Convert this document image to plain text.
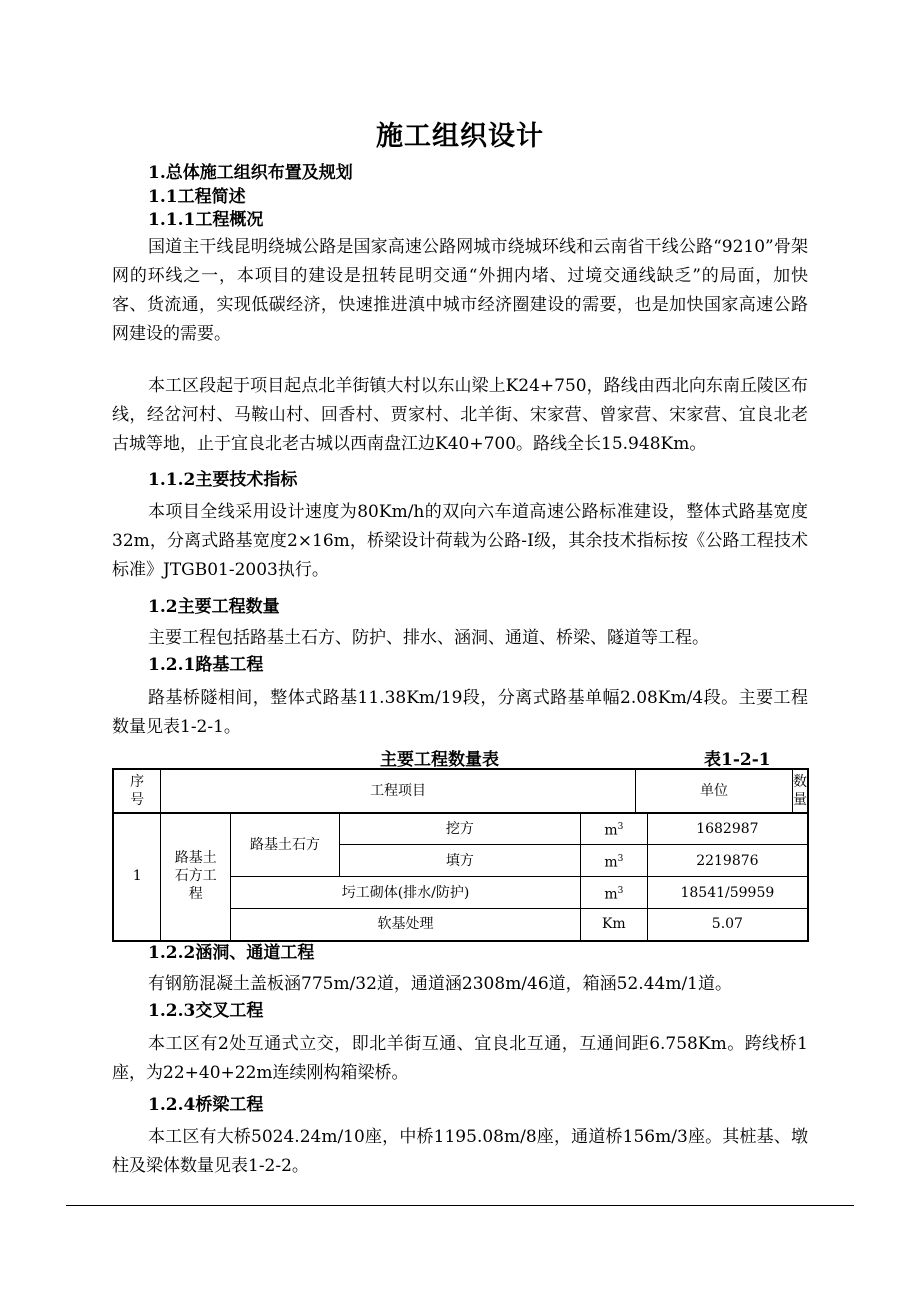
施工组织设计
1.总体施工组织布置及规划
1.1工程简述
1.1.1工程概况
国道主干线昆明绕城公路是国家高速公路网城市绕城环线和云南省干线公路“9210”骨架网的环线之一，本项目的建设是扭转昆明交通“外拥内堵、过境交通线缺乏”的局面，加快客、货流通，实现低碳经济，快速推进滇中城市经济圈建设的需要，也是加快国家高速公路网建设的需要。
本工区段起于项目起点北羊街镇大村以东山梁上K24+750，路线由西北向东南丘陵区布线，经岔河村、马鞍山村、回香村、贾家村、北羊街、宋家营、曾家营、宋家营、宜良北老古城等地，止于宜良北老古城以西南盘江边K40+700。路线全长15.948Km。
1.1.2主要技术指标
本项目全线采用设计速度为80Km/h的双向六车道高速公路标准建设，整体式路基宽度32m，分离式路基宽度2×16m，桥梁设计荷载为公路-Ⅰ级，其余技术指标按《公路工程技术标准》JTGB01-2003执行。
1.2主要工程数量
主要工程包括路基土石方、防护、排水、涵洞、通道、桥梁、隧道等工程。
1.2.1路基工程
路基桥隧相间，整体式路基11.38Km/19段，分离式路基单幅2.08Km/4段。主要工程数量见表1-2-1。
主要工程数量表	表1-2-1
序号	工程项目	单位	数量
1	路基土石方工程	路基土石方	挖方	$m^3$	1682987
			填方	$m^3$	2219876
		圬工砌体(排水/防护)		$m^3$	18541/59959
		软基处理		Km	5.07
1.2.2涵洞、通道工程
有钢筋混凝土盖板涵775m/32道，通道涵2308m/46道，箱涵52.44m/1道。
1.2.3交叉工程
本工区有2处互通式立交，即北羊街互通、宜良北互通，互通间距6.758Km。跨线桥1座，为22+40+22m连续刚构箱梁桥。
1.2.4桥梁工程
本工区有大桥5024.24m/10座，中桥1195.08m/8座，通道桥156m/3座。其桩基、墩柱及梁体数量见表1-2-2。
